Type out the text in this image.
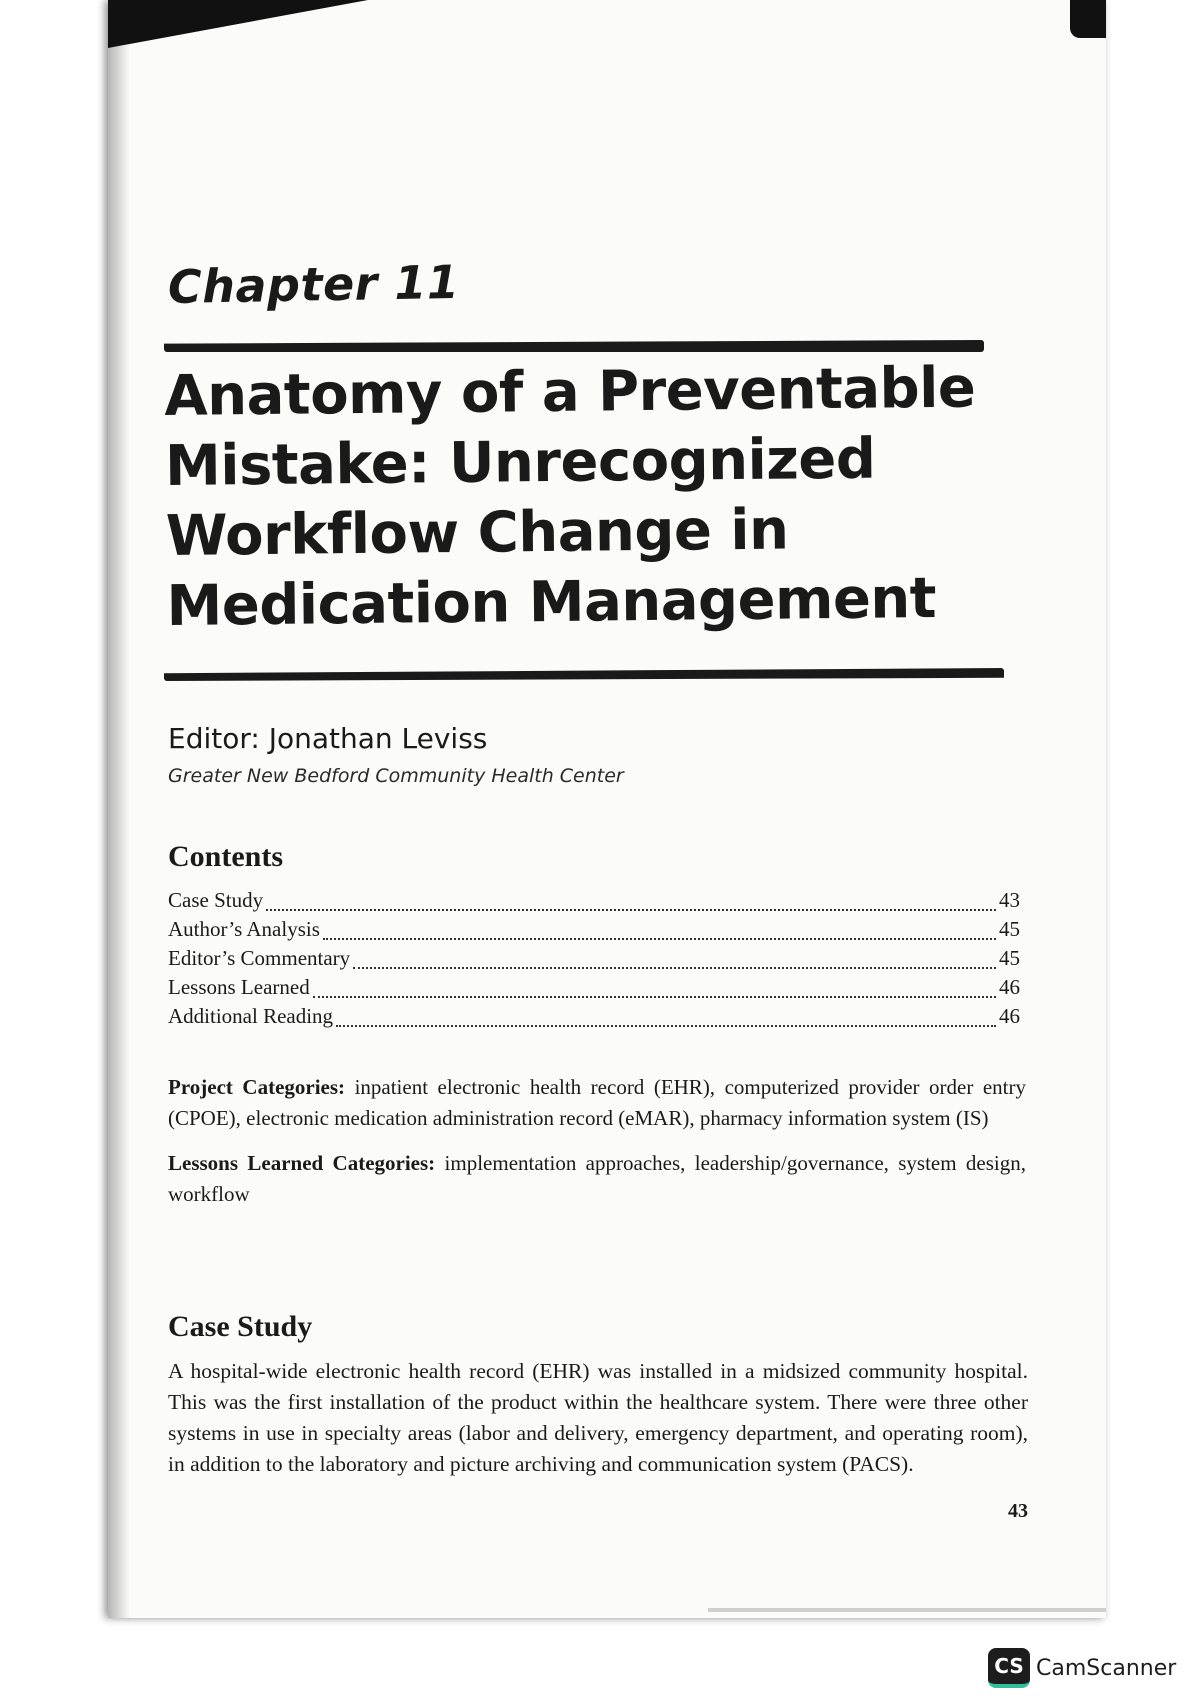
Chapter 11
Anatomy of a Preventable Mistake: Unrecognized Workflow Change in Medication Management
Editor: Jonathan Leviss
Greater New Bedford Community Health Center
Contents
Case Study	43
Author’s Analysis	45
Editor’s Commentary	45
Lessons Learned	46
Additional Reading	46

Project Categories: inpatient electronic health record (EHR), computerized provider order entry (CPOE), electronic medication administration record (eMAR), pharmacy information system (IS)

Lessons Learned Categories: implementation approaches, leadership/governance, system design, workflow

Case Study

A hospital-wide electronic health record (EHR) was installed in a midsized community hospital. This was the first installation of the product within the healthcare system. There were three other systems in use in specialty areas (labor and delivery, emergency department, and operating room), in addition to the laboratory and picture archiving and communication system (PACS).

43
CS CamScanner
